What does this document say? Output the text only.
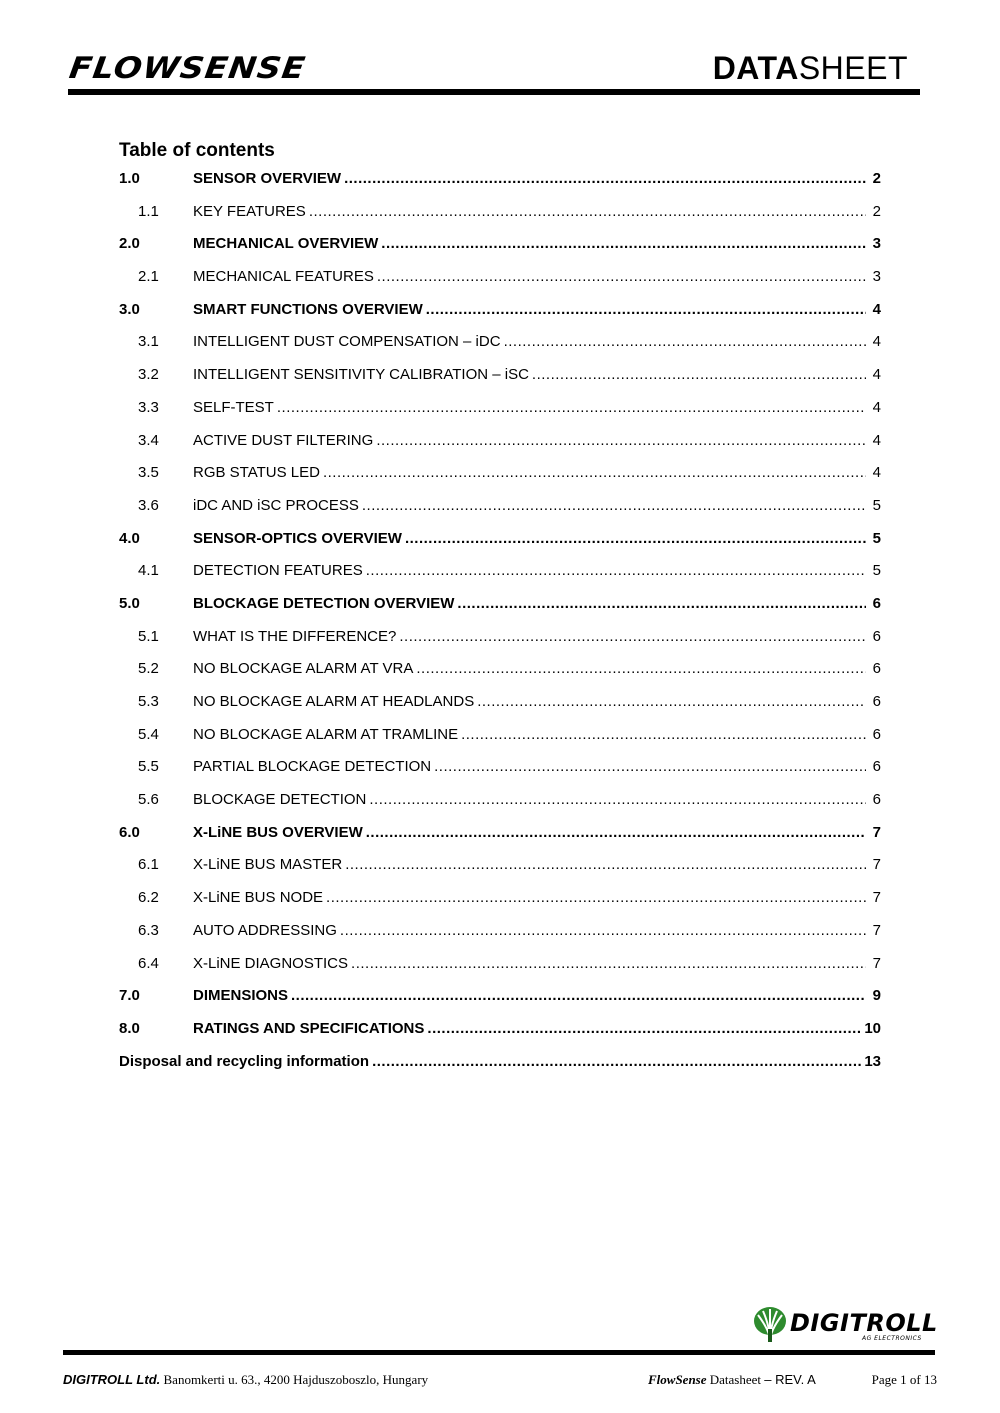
FLOWSENSE	DATASHEET
Table of contents
1.0	SENSOR OVERVIEW .....	2
1.1	KEY FEATURES .....	2
2.0	MECHANICAL OVERVIEW .....	3
2.1	MECHANICAL FEATURES .....	3
3.0	SMART FUNCTIONS OVERVIEW .....	4
3.1	INTELLIGENT DUST COMPENSATION – iDC .....	4
3.2	INTELLIGENT SENSITIVITY CALIBRATION – iSC .....	4
3.3	SELF-TEST .....	4
3.4	ACTIVE DUST FILTERING .....	4
3.5	RGB STATUS LED .....	4
3.6	iDC AND iSC PROCESS .....	5
4.0	SENSOR-OPTICS OVERVIEW .....	5
4.1	DETECTION FEATURES .....	5
5.0	BLOCKAGE DETECTION OVERVIEW .....	6
5.1	WHAT IS THE DIFFERENCE? .....	6
5.2	NO BLOCKAGE ALARM AT VRA .....	6
5.3	NO BLOCKAGE ALARM AT HEADLANDS .....	6
5.4	NO BLOCKAGE ALARM AT TRAMLINE .....	6
5.5	PARTIAL BLOCKAGE DETECTION .....	6
5.6	BLOCKAGE DETECTION .....	6
6.0	X-LiNE BUS OVERVIEW .....	7
6.1	X-LiNE BUS MASTER .....	7
6.2	X-LiNE BUS NODE .....	7
6.3	AUTO ADDRESSING .....	7
6.4	X-LiNE DIAGNOSTICS .....	7
7.0	DIMENSIONS .....	9
8.0	RATINGS AND SPECIFICATIONS .....	10
Disposal and recycling information .....	13
DIGITROLL
AG ELECTRONICS
DIGITROLL Ltd. Banomkerti u. 63., 4200 Hajduszoboszlo, Hungary	FlowSense Datasheet – REV. A	Page 1 of 13
